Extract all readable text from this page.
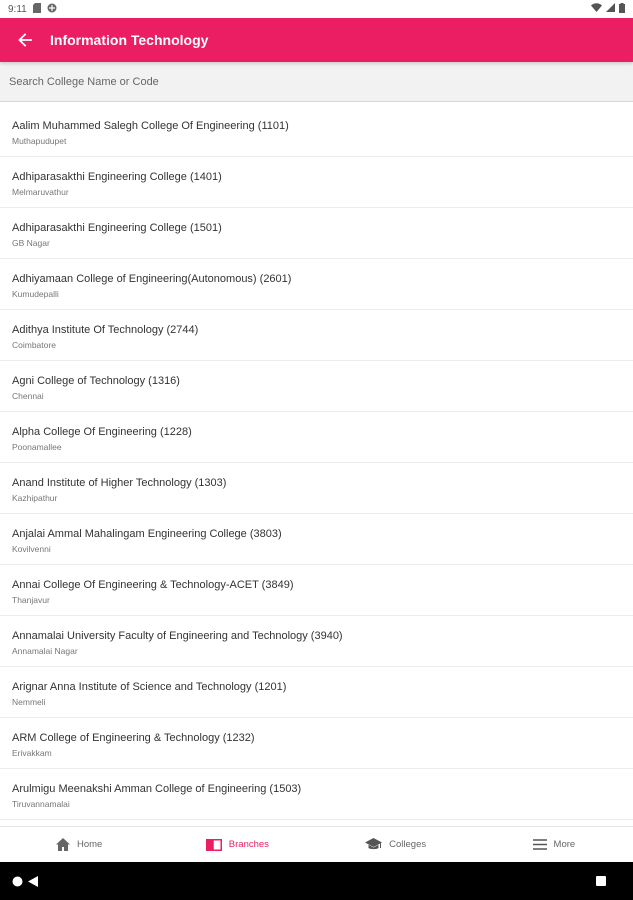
9:11
Information Technology
Search College Name or Code
Aalim Muhammed Salegh College Of Engineering (1101)
Muthapudupet
Adhiparasakthi Engineering College (1401)
Melmaruvathur
Adhiparasakthi Engineering College (1501)
GB Nagar
Adhiyamaan College of Engineering(Autonomous) (2601)
Kumudepalli
Adithya Institute Of Technology (2744)
Coimbatore
Agni College of Technology (1316)
Chennai
Alpha College Of Engineering (1228)
Poonamallee
Anand Institute of Higher Technology (1303)
Kazhipathur
Anjalai Ammal Mahalingam Engineering College (3803)
Kovilvenni
Annai College Of Engineering & Technology-ACET (3849)
Thanjavur
Annamalai University Faculty of Engineering and Technology (3940)
Annamalai Nagar
Arignar Anna Institute of Science and Technology (1201)
Nemmeli
ARM College of Engineering & Technology (1232)
Erivakkam
Arulmigu Meenakshi Amman College of Engineering (1503)
Tiruvannamalai
Home	Branches	Colleges	More
